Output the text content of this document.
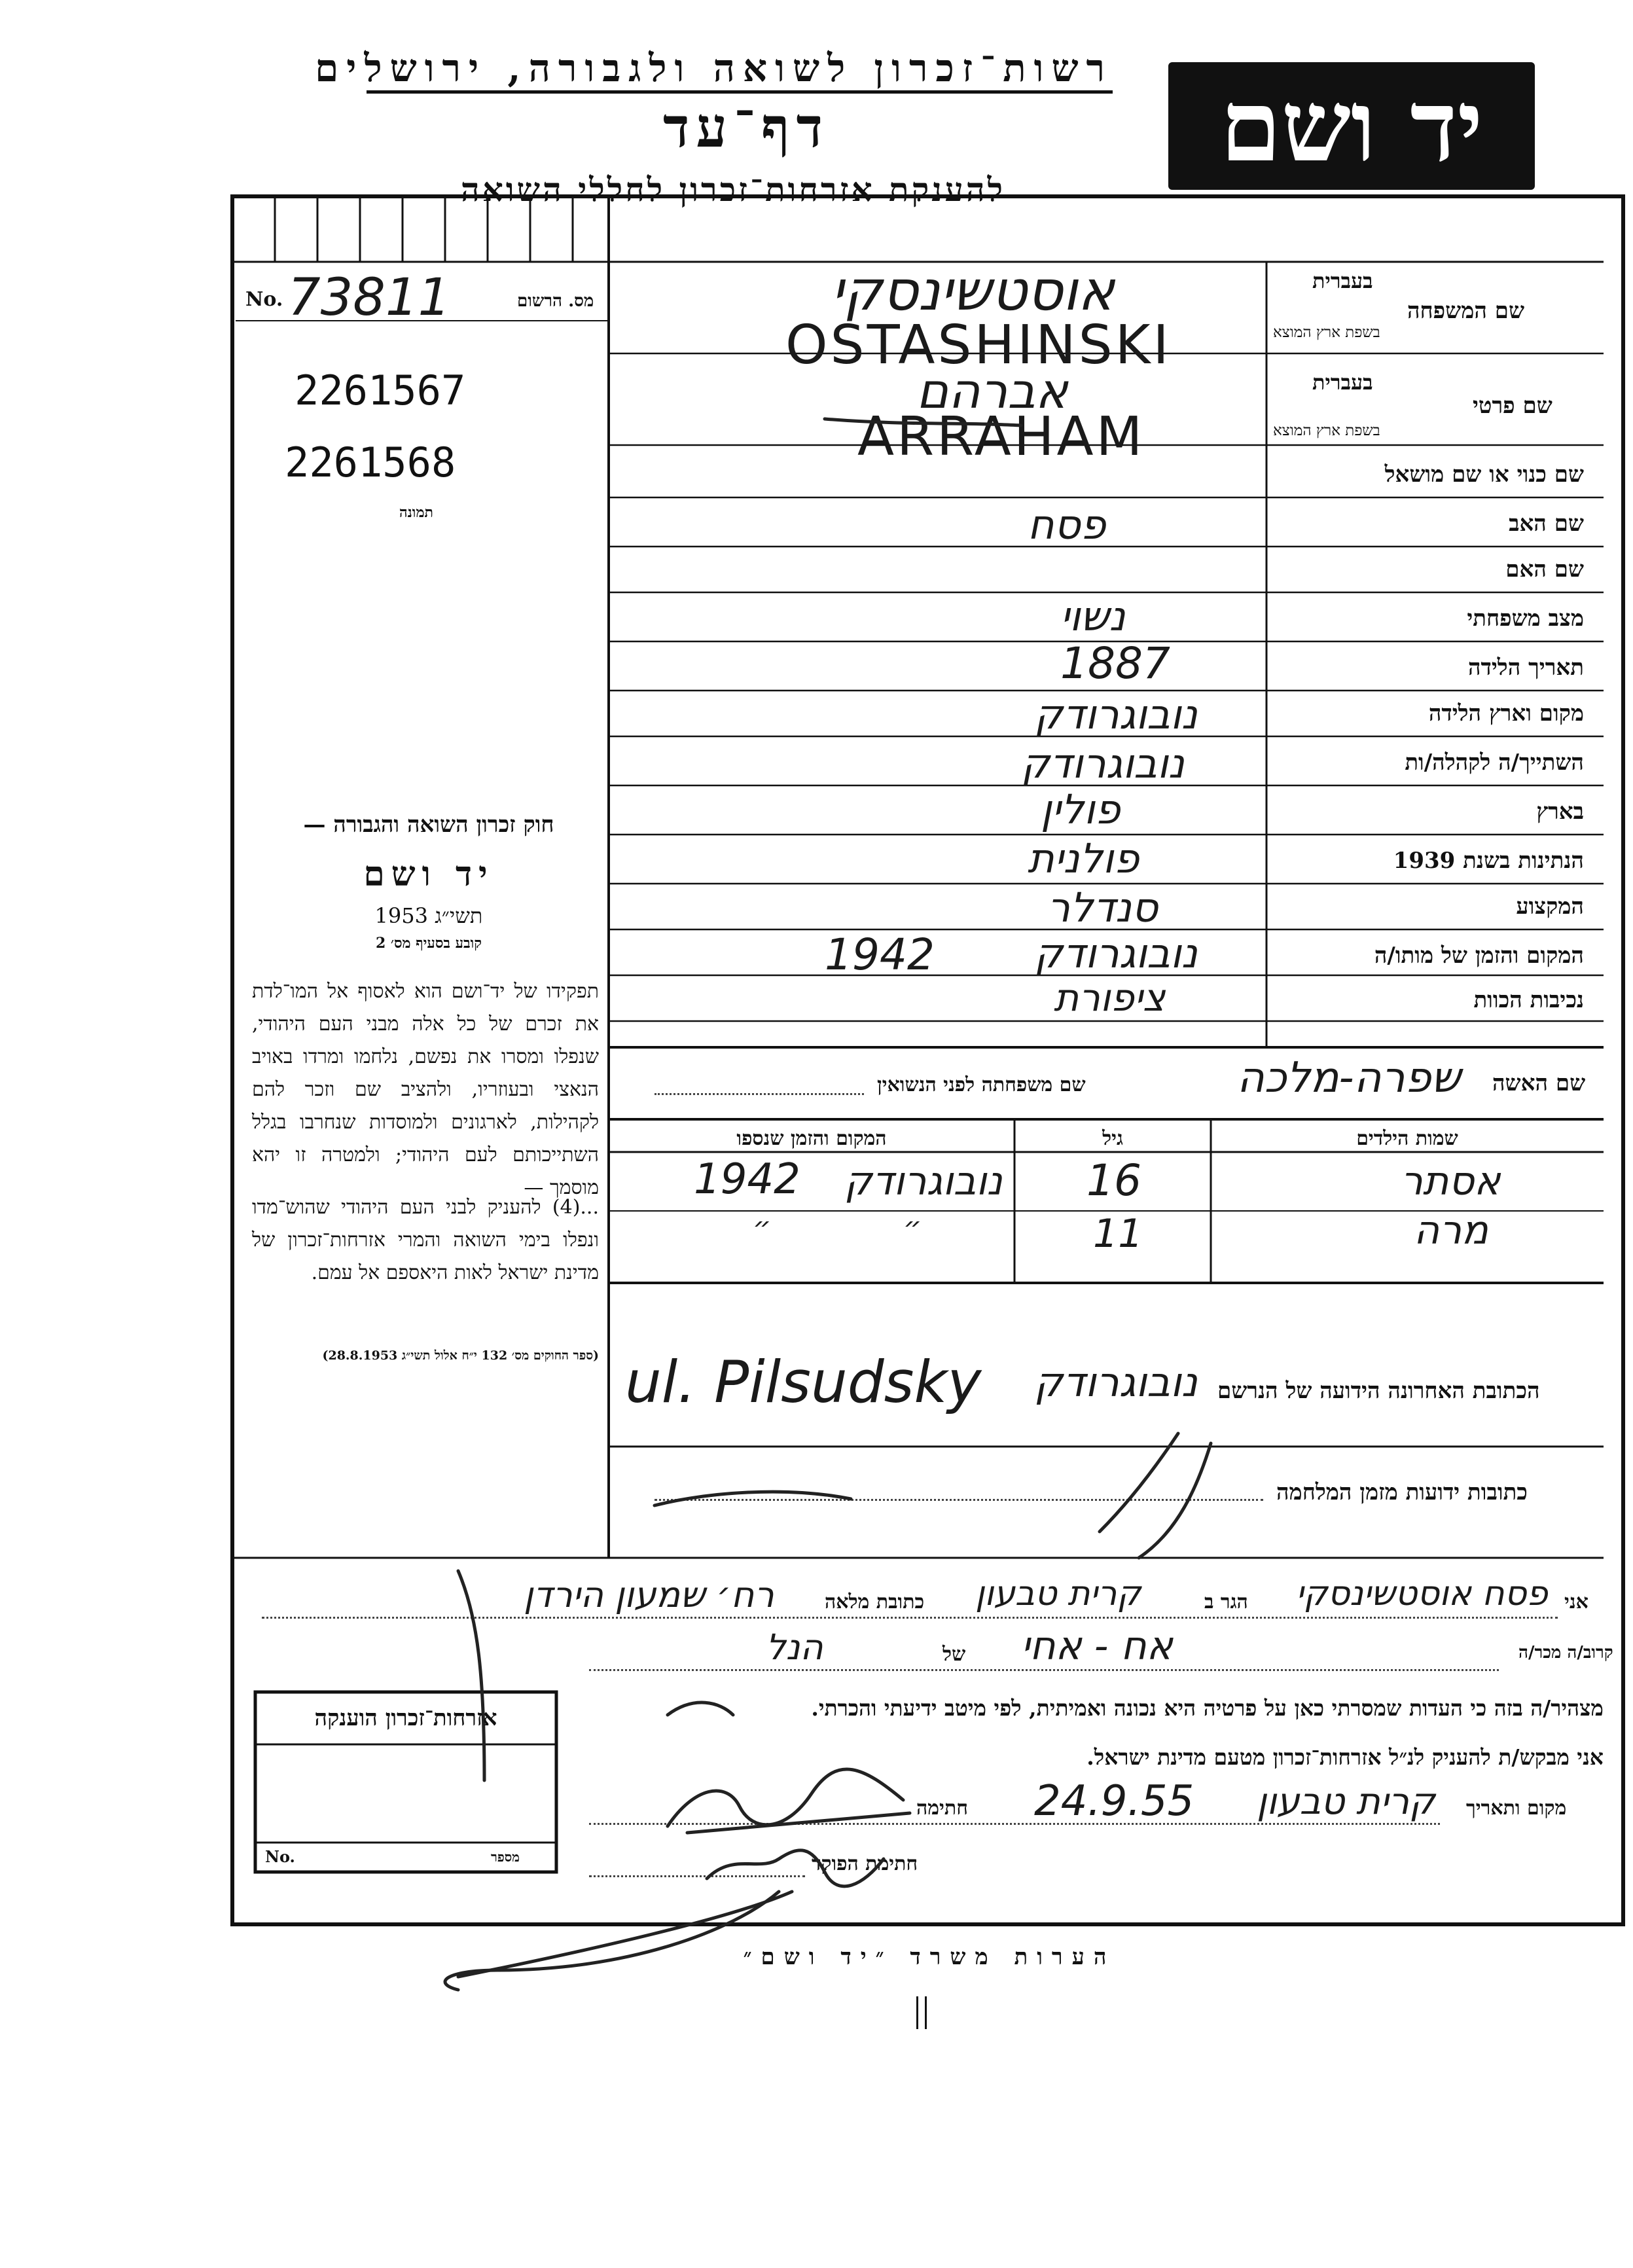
רשות־זכרון לשואה ולגבורה, ירושלים
דף־עד
להענקת אזרחות־זכרון לחללי השואה
יד ושם
No.	מס. הרשום
73811
2261567
2261568
תמונה
חוק זכרון השואה והגבורה —
יד ושם
תשי״ג 1953
קובע בסעיף מס׳ 2
תפקידו של יד־ושם הוא לאסוף אל המו־לדת את זכרם של כל אלה מבני העם היהודי, שנפלו ומסרו את נפשם, נלחמו ומרדו באויב הנאצי ובעוזריו, ולהציב שם וזכר להם לקהילות, לארגונים ולמוסדות שנחרבו בגלל השתייכותם לעם היהודי; ולמטרה זו יהא מוסמך —
...(4) להעניק לבני העם היהודי שהוש־מדו ונפלו בימי השואה והמרי אזרחות־זכרון של מדינת ישראל לאות היאספם אל עמם.
(ספר החוקים מס׳ 132 י״ח אלול תשי״ג 28.8.1953)
בעברית
שם המשפחה
בשפת ארץ המוצא
אוסטשינסקי
OSTASHINSKI
בעברית
שם פרטי
בשפת ארץ המוצא
אברהם
ARRAHAM
שם כנוי או שם מושאל
שם האב
פסח
שם האם
מצב משפחתי
נשוי
תאריך הלידה
1887
מקום וארץ הלידה
נובוגרודק
השתייך/ה לקהלה/ות
נובוגרודק
בארץ
פולין
הנתינות בשנת 1939
פולנית
המקצוע
סנדלר
המקום והזמן של מותו/ה
נובוגרודק
1942
נכיבות הכוות
ציפורת
שם האשה
שפרה-מלכה
שם משפחתה לפני הנשואין
שמות הילדים
גיל
המקום והזמן שנספו
אסתר
16
נובוגרודק
1942
מרה
11
״
״
הכתובת האחרונה הידועה של הנרשם
נובוגרודק
ul. Pilsudsky
כתובות ידועות מזמן המלחמה
אני
פסח אוסטשינסקי
הגר ב
קרית טבעון
כתובת מלאה
רח׳ שמעון הירדן
קרוב/ה מכר/ה
אח - אחי
של
הנל
מצהיר/ה בזה כי העדות שמסרתי כאן על פרטיה היא נכונה ואמיתית, לפי מיטב ידיעתי והכרתי.
אני מבקש/ת להעניק לנ״ל אזרחות־זכרון מטעם מדינת ישראל.
מקום ותאריך
קרית טבעון
24.9.55
חתימה
חתימת הפוקד
אזרחות־זכרון הוענקה
No.	מספר
הערות משרד ״יד ושם״
